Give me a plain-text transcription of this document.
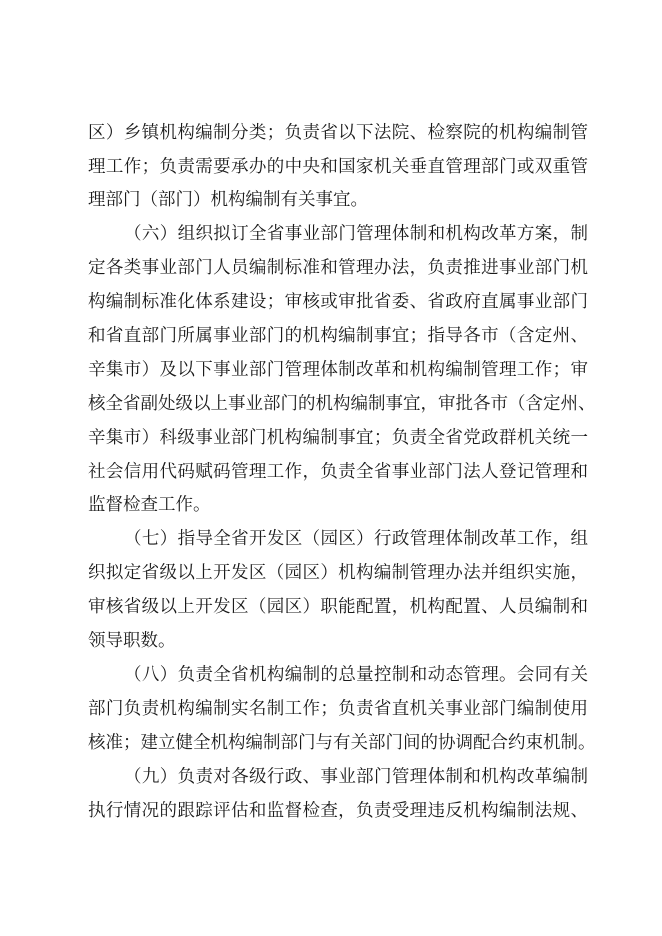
区）乡镇机构编制分类；负责省以下法院、检察院的机构编制管
理工作；负责需要承办的中央和国家机关垂直管理部门或双重管
理部门（部门）机构编制有关事宜。
（六）组织拟订全省事业部门管理体制和机构改革方案，制
定各类事业部门人员编制标准和管理办法，负责推进事业部门机
构编制标准化体系建设；审核或审批省委、省政府直属事业部门
和省直部门所属事业部门的机构编制事宜；指导各市（含定州、
辛集市）及以下事业部门管理体制改革和机构编制管理工作；审
核全省副处级以上事业部门的机构编制事宜，审批各市（含定州、
辛集市）科级事业部门机构编制事宜；负责全省党政群机关统一
社会信用代码赋码管理工作，负责全省事业部门法人登记管理和
监督检查工作。
（七）指导全省开发区（园区）行政管理体制改革工作，组
织拟定省级以上开发区（园区）机构编制管理办法并组织实施，
审核省级以上开发区（园区）职能配置，机构配置、人员编制和
领导职数。
（八）负责全省机构编制的总量控制和动态管理。会同有关
部门负责机构编制实名制工作；负责省直机关事业部门编制使用
核准；建立健全机构编制部门与有关部门间的协调配合约束机制。
（九）负责对各级行政、事业部门管理体制和机构改革编制
执行情况的跟踪评估和监督检查，负责受理违反机构编制法规、
